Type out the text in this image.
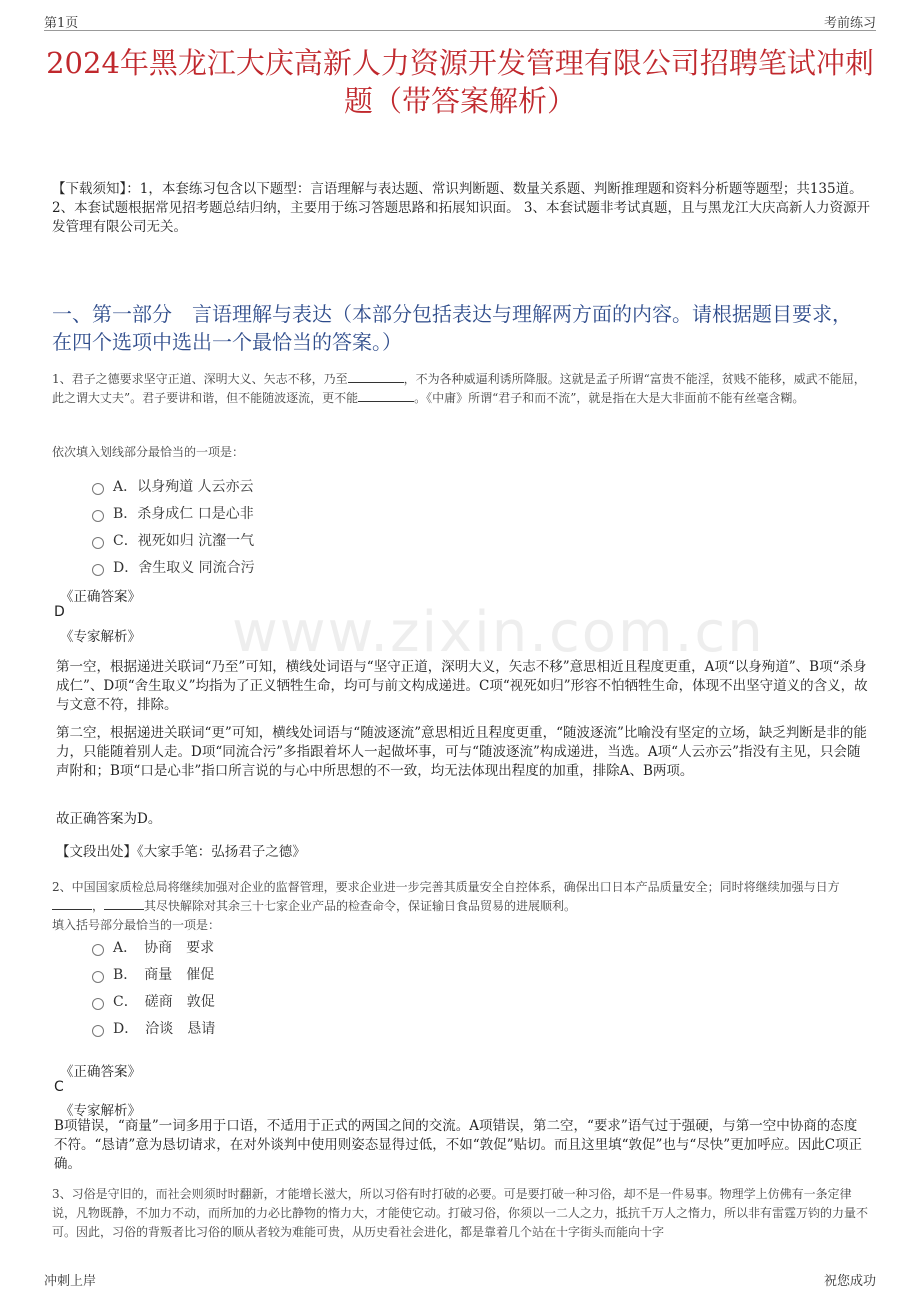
第1页	考前练习
2024年黑龙江大庆高新人力资源开发管理有限公司招聘笔试冲刺题（带答案解析）
【下载须知】：1，本套练习包含以下题型：言语理解与表达题、常识判断题、数量关系题、判断推理题和资料分析题等题型；共135道。 2、本套试题根据常见招考题总结归纳，主要用于练习答题思路和拓展知识面。 3、本套试题非考试真题，且与黑龙江大庆高新人力资源开发管理有限公司无关。
一、第一部分　言语理解与表达（本部分包括表达与理解两方面的内容。请根据题目要求，在四个选项中选出一个最恰当的答案。）
1、君子之德要求坚守正道、深明大义、矢志不移，乃至	，不为各种威逼利诱所降服。这就是孟子所谓“富贵不能淫，贫贱不能移，威武不能屈，此之谓大丈夫”。君子要讲和谐，但不能随波逐流，更不能	。《中庸》所谓“君子和而不流”，就是指在大是大非面前不能有丝毫含糊。
依次填入划线部分最恰当的一项是：
A．以身殉道 人云亦云
B．杀身成仁 口是心非
C．视死如归 沆瀣一气
D．舍生取义 同流合污
《正确答案》
D
《专家解析》 www.zixin.com.cn
第一空，根据递进关联词“乃至”可知，横线处词语与“坚守正道，深明大义，矢志不移”意思相近且程度更重，A项“以身殉道”、B项“杀身成仁”、D项“舍生取义”均指为了正义牺牲生命，均可与前文构成递进。C项“视死如归”形容不怕牺牲生命，体现不出坚守道义的含义，故与文意不符，排除。
第二空，根据递进关联词“更”可知，横线处词语与“随波逐流”意思相近且程度更重，“随波逐流”比喻没有坚定的立场，缺乏判断是非的能力，只能随着别人走。D项“同流合污”多指跟着坏人一起做坏事，可与“随波逐流”构成递进，当选。A项“人云亦云”指没有主见，只会随声附和；B项“口是心非”指口所言说的与心中所思想的不一致，均无法体现出程度的加重，排除A、B两项。
故正确答案为D。
【文段出处】《大家手笔：弘扬君子之德》
2、中国国家质检总局将继续加强对企业的监督管理，要求企业进一步完善其质量安全自控体系，确保出口日本产品质量安全；同时将继续加强与日方，	其尽快解除对其余三十七家企业产品的检查命令，保证输日食品贸易的进展顺利。
填入括号部分最恰当的一项是：
A．　协商　要求
B．　商量　催促
C．　磋商　敦促
D．　洽谈　恳请
《正确答案》
C
《专家解析》
B项错误，“商量”一词多用于口语，不适用于正式的两国之间的交流。A项错误，第二空，“要求”语气过于强硬，与第一空中协商的态度不符。“恳请”意为恳切请求，在对外谈判中使用则姿态显得过低，不如“敦促”贴切。而且这里填“敦促”也与“尽快”更加呼应。因此C项正确。
3、习俗是守旧的，而社会则须时时翻新，才能增长滋大，所以习俗有时打破的必要。可是要打破一种习俗，却不是一件易事。物理学上仿佛有一条定律说，凡物既静，不加力不动，而所加的力必比静物的惰力大，才能使它动。打破习俗，你须以一二人之力，抵抗千万人之惰力，所以非有雷霆万钧的力量不可。因此，习俗的背叛者比习俗的顺从者较为难能可贵，从历史看社会进化，都是靠着几个站在十字街头而能向十字
冲刺上岸	祝您成功
